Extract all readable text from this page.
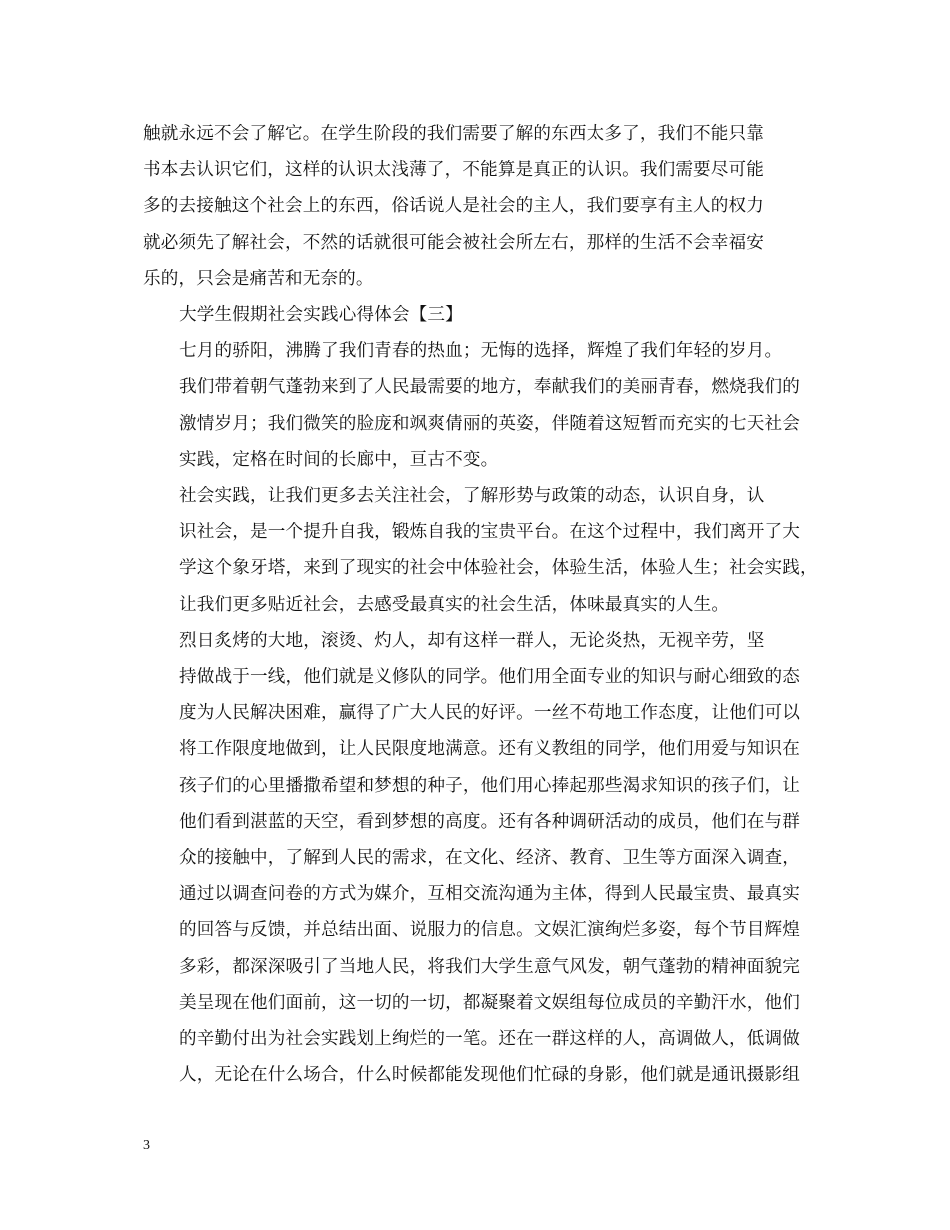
触就永远不会了解它。在学生阶段的我们需要了解的东西太多了，我们不能只靠
书本去认识它们，这样的认识太浅薄了，不能算是真正的认识。我们需要尽可能
多的去接触这个社会上的东西，俗话说人是社会的主人，我们要享有主人的权力
就必须先了解社会，不然的话就很可能会被社会所左右，那样的生活不会幸福安
乐的，只会是痛苦和无奈的。

大学生假期社会实践心得体会【三】

七月的骄阳，沸腾了我们青春的热血；无悔的选择，辉煌了我们年轻的岁月。
我们带着朝气蓬勃来到了人民最需要的地方，奉献我们的美丽青春，燃烧我们的
激情岁月；我们微笑的脸庞和飒爽倩丽的英姿，伴随着这短暂而充实的七天社会
实践，定格在时间的长廊中，亘古不变。

社会实践，让我们更多去关注社会，了解形势与政策的动态，认识自身，认
识社会，是一个提升自我，锻炼自我的宝贵平台。在这个过程中，我们离开了大
学这个象牙塔，来到了现实的社会中体验社会，体验生活，体验人生；社会实践，
让我们更多贴近社会，去感受最真实的社会生活，体味最真实的人生。

烈日炙烤的大地，滚烫、灼人，却有这样一群人，无论炎热，无视辛劳，坚
持做战于一线，他们就是义修队的同学。他们用全面专业的知识与耐心细致的态
度为人民解决困难，赢得了广大人民的好评。一丝不苟地工作态度，让他们可以
将工作限度地做到，让人民限度地满意。还有义教组的同学，他们用爱与知识在
孩子们的心里播撒希望和梦想的种子，他们用心捧起那些渴求知识的孩子们，让
他们看到湛蓝的天空，看到梦想的高度。还有各种调研活动的成员，他们在与群
众的接触中，了解到人民的需求，在文化、经济、教育、卫生等方面深入调查，
通过以调查问卷的方式为媒介，互相交流沟通为主体，得到人民最宝贵、最真实
的回答与反馈，并总结出面、说服力的信息。文娱汇演绚烂多姿，每个节目辉煌
多彩，都深深吸引了当地人民，将我们大学生意气风发，朝气蓬勃的精神面貌完
美呈现在他们面前，这一切的一切，都凝聚着文娱组每位成员的辛勤汗水，他们
的辛勤付出为社会实践划上绚烂的一笔。还在一群这样的人，高调做人，低调做
人，无论在什么场合，什么时候都能发现他们忙碌的身影，他们就是通讯摄影组

3
